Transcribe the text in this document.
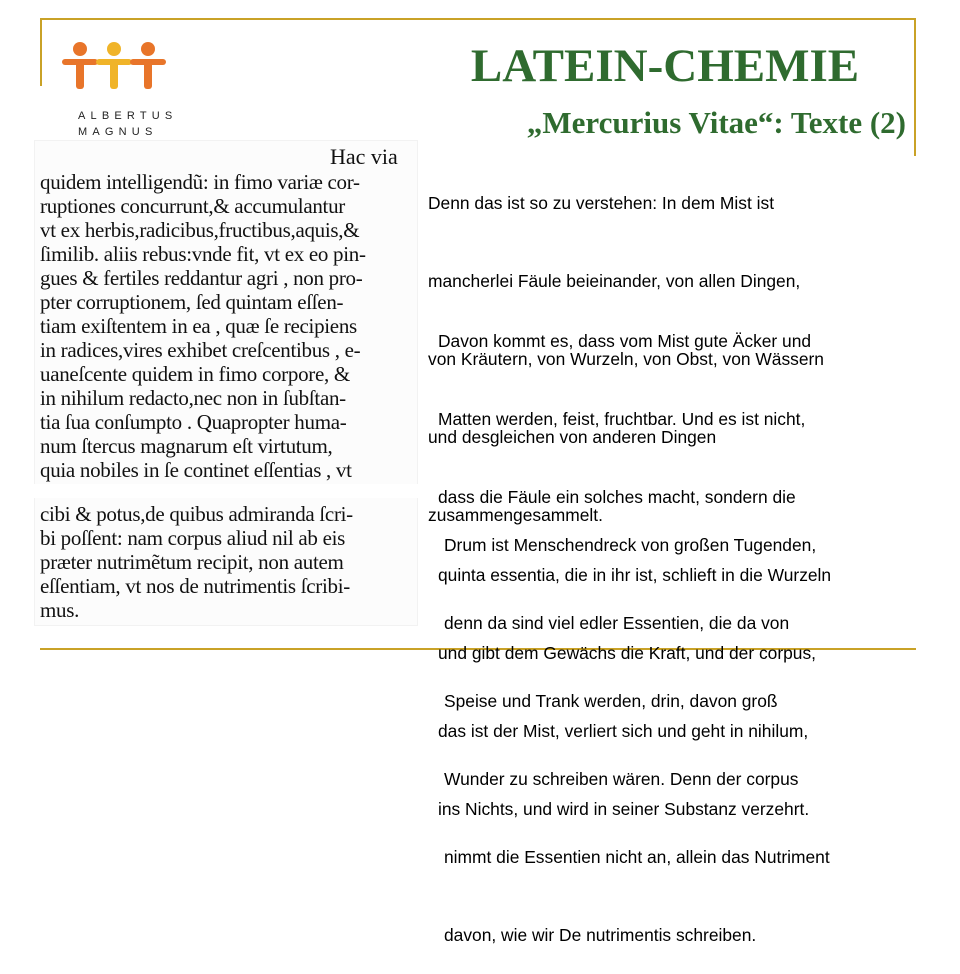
ALBERTUS
MAGNUS
LATEIN-CHEMIE
„Mercurius Vitae“: Texte (2)
Hac via
quidem intelligendũ: in fimo variæ cor-
ruptiones concurrunt,& accumulantur
vt ex herbis,radicibus,fructibus,aquis,&
ſimilib. aliis rebus:vnde fit, vt ex eo pin-
gues & fertiles reddantur agri , non pro-
pter corruptionem, ſed quintam eſſen-
tiam exiſtentem in ea , quæ ſe recipiens
in radices,vires exhibet creſcentibus , e-
uaneſcente quidem in fimo corpore, &
in nihilum redacto,nec non in ſubſtan-
tia ſua conſumpto . Quapropter huma-
num ſtercus magnarum eſt virtutum,
quia nobiles in ſe continet eſſentias , vt
cibi & potus,de quibus admiranda ſcri-
bi poſſent: nam corpus aliud nil ab eis
præter nutrimẽtum recipit, non autem
eſſentiam, vt nos de nutrimentis ſcribi-
mus.

Denn das ist so zu verstehen: In dem Mist ist

mancherlei Fäule beieinander, von allen Dingen,

von Kräutern, von Wurzeln, von Obst, von Wässern

und desgleichen von anderen Dingen

zusammengesammelt.

Davon kommt es, dass vom Mist gute Äcker und

Matten werden, feist, fruchtbar. Und es ist nicht,

dass die Fäule ein solches macht, sondern die

quinta essentia, die in ihr ist, schlieft in die Wurzeln

und gibt dem Gewächs die Kraft, und der corpus,

das ist der Mist, verliert sich und geht in nihilum,

ins Nichts, und wird in seiner Substanz verzehrt.

Drum ist Menschendreck von großen Tugenden,

denn da sind viel edler Essentien, die da von

Speise und Trank werden, drin, davon groß

Wunder zu schreiben wären. Denn der corpus

nimmt die Essentien nicht an, allein das Nutriment

davon, wie wir De nutrimentis schreiben.
